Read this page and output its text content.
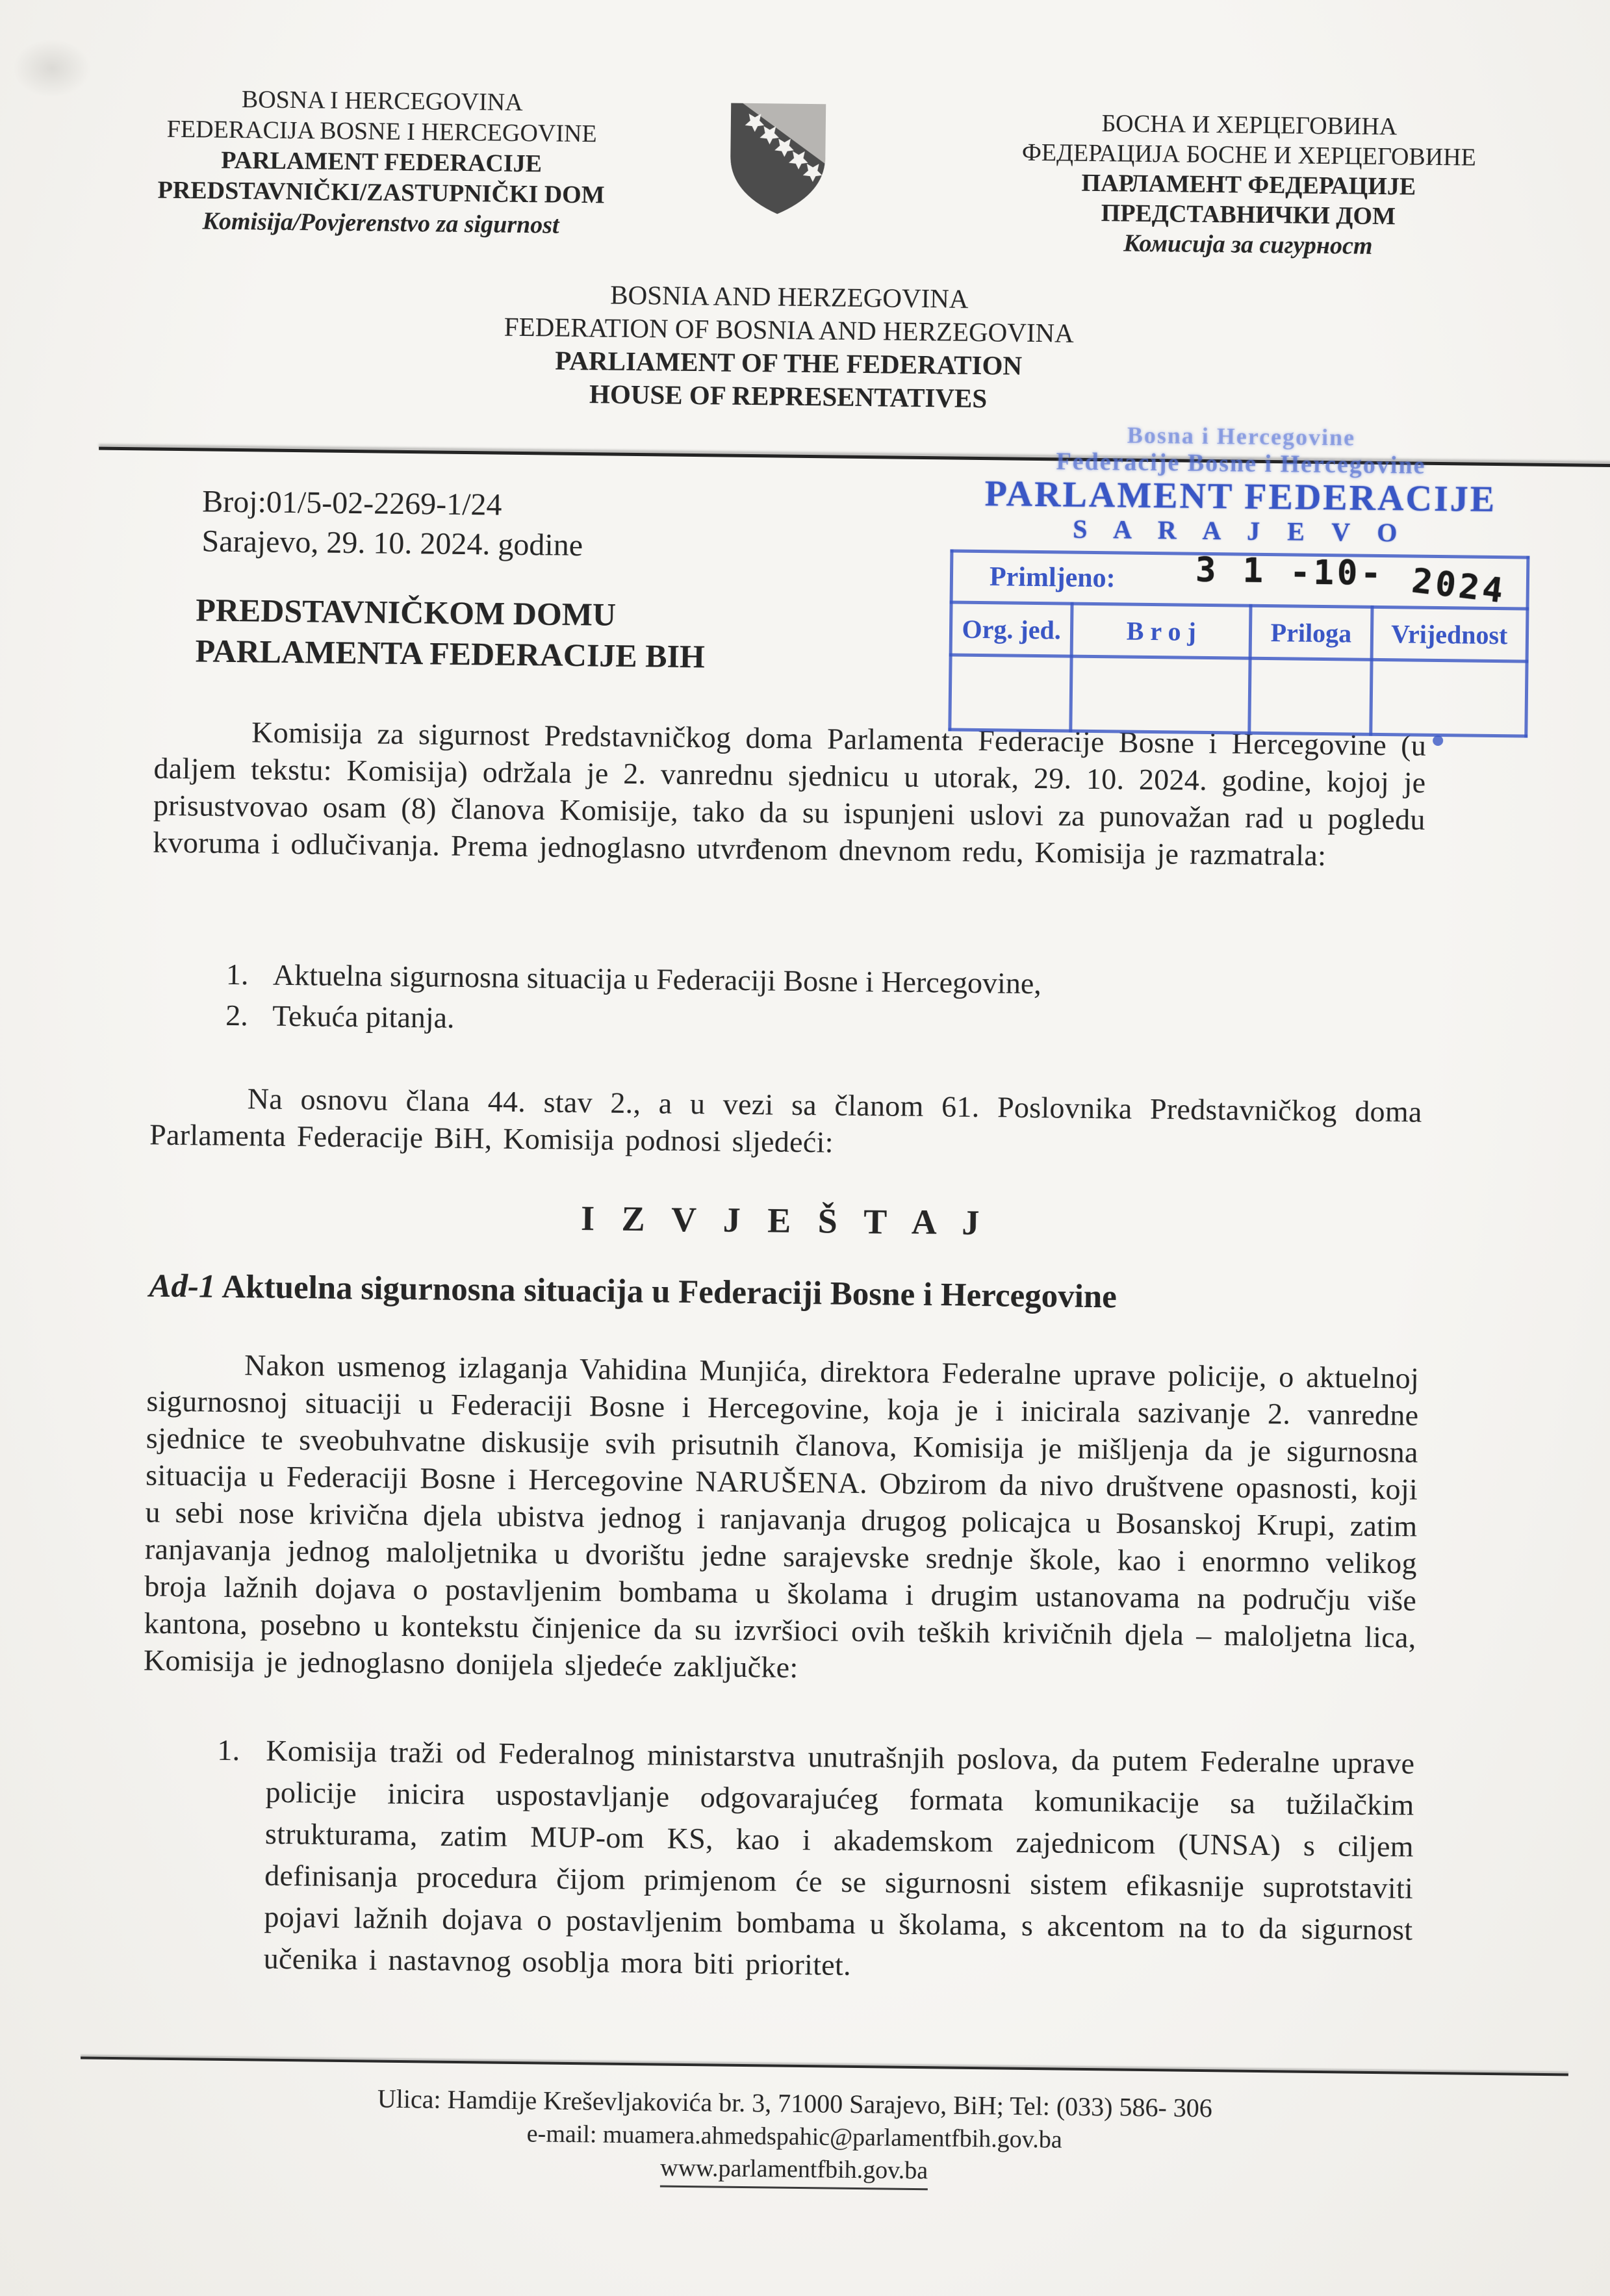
BOSNA I HERCEGOVINA
FEDERACIJA BOSNE I HERCEGOVINE
PARLAMENT FEDERACIJE
PREDSTAVNIČKI/ZASTUPNIČKI DOM
Komisija/Povjerenstvo za sigurnost
БОСНА И ХЕРЦЕГОВИНА
ФЕДЕРАЦИЈА БОСНЕ И ХЕРЦЕГОВИНЕ
ПАРЛАМЕНТ ФЕДЕРАЦИЈЕ
ПРЕДСТАВНИЧКИ ДОМ
Комисија за сигурност
BOSNIA AND HERZEGOVINA
FEDERATION OF BOSNIA AND HERZEGOVINA
PARLIAMENT OF THE FEDERATION
HOUSE OF REPRESENTATIVES
Bosna i Hercegovine
Federacije Bosne i Hercegovine
PARLAMENT FEDERACIJE
S A R A J E V O
Primljeno:			
Org. jed.	B r o j	Priloga	Vrijednost

3 1 -10- 2024
Broj:01/5-02-2269-1/24
Sarajevo, 29. 10. 2024. godine
PREDSTAVNIČKOM DOMU
PARLAMENTA FEDERACIJE BIH
Komisija za sigurnost Predstavničkog doma Parlamenta Federacije Bosne i Hercegovine (u daljem tekstu: Komisija) održala je 2. vanrednu sjednicu u utorak, 29. 10. 2024. godine, kojoj je prisustvovao osam (8) članova Komisije, tako da su ispunjeni uslovi za punovažan rad u pogledu kvoruma i odlučivanja. Prema jednoglasno utvrđenom dnevnom redu, Komisija je razmatrala:
1. Aktuelna sigurnosna situacija u Federaciji Bosne i Hercegovine,
2. Tekuća pitanja.
Na osnovu člana 44. stav 2., a u vezi sa članom 61. Poslovnika Predstavničkog doma Parlamenta Federacije BiH, Komisija podnosi sljedeći:
I Z V J E Š T A J
Ad-1 Aktuelna sigurnosna situacija u Federaciji Bosne i Hercegovine
Nakon usmenog izlaganja Vahidina Munjića, direktora Federalne uprave policije, o aktuelnoj sigurnosnoj situaciji u Federaciji Bosne i Hercegovine, koja je i inicirala sazivanje 2. vanredne sjednice te sveobuhvatne diskusije svih prisutnih članova, Komisija je mišljenja da je sigurnosna situacija u Federaciji Bosne i Hercegovine NARUŠENA. Obzirom da nivo društvene opasnosti, koji u sebi nose krivična djela ubistva jednog i ranjavanja drugog policajca u Bosanskoj Krupi, zatim ranjavanja jednog maloljetnika u dvorištu jedne sarajevske srednje škole, kao i enormno velikog broja lažnih dojava o postavljenim bombama u školama i drugim ustanovama na području više kantona, posebno u kontekstu činjenice da su izvršioci ovih teških krivičnih djela – maloljetna lica, Komisija je jednoglasno donijela sljedeće zaključke:
1. Komisija traži od Federalnog ministarstva unutrašnjih poslova, da putem Federalne uprave policije inicira uspostavljanje odgovarajućeg formata komunikacije sa tužilačkim strukturama, zatim MUP-om KS, kao i akademskom zajednicom (UNSA) s ciljem definisanja procedura čijom primjenom će se sigurnosni sistem efikasnije suprotstaviti pojavi lažnih dojava o postavljenim bombama u školama, s akcentom na to da sigurnost učenika i nastavnog osoblja mora biti prioritet.
Ulica: Hamdije Kreševljakovića br. 3, 71000 Sarajevo, BiH; Tel: (033) 586- 306
e-mail: muamera.ahmedspahic@parlamentfbih.gov.ba
www.parlamentfbih.gov.ba
